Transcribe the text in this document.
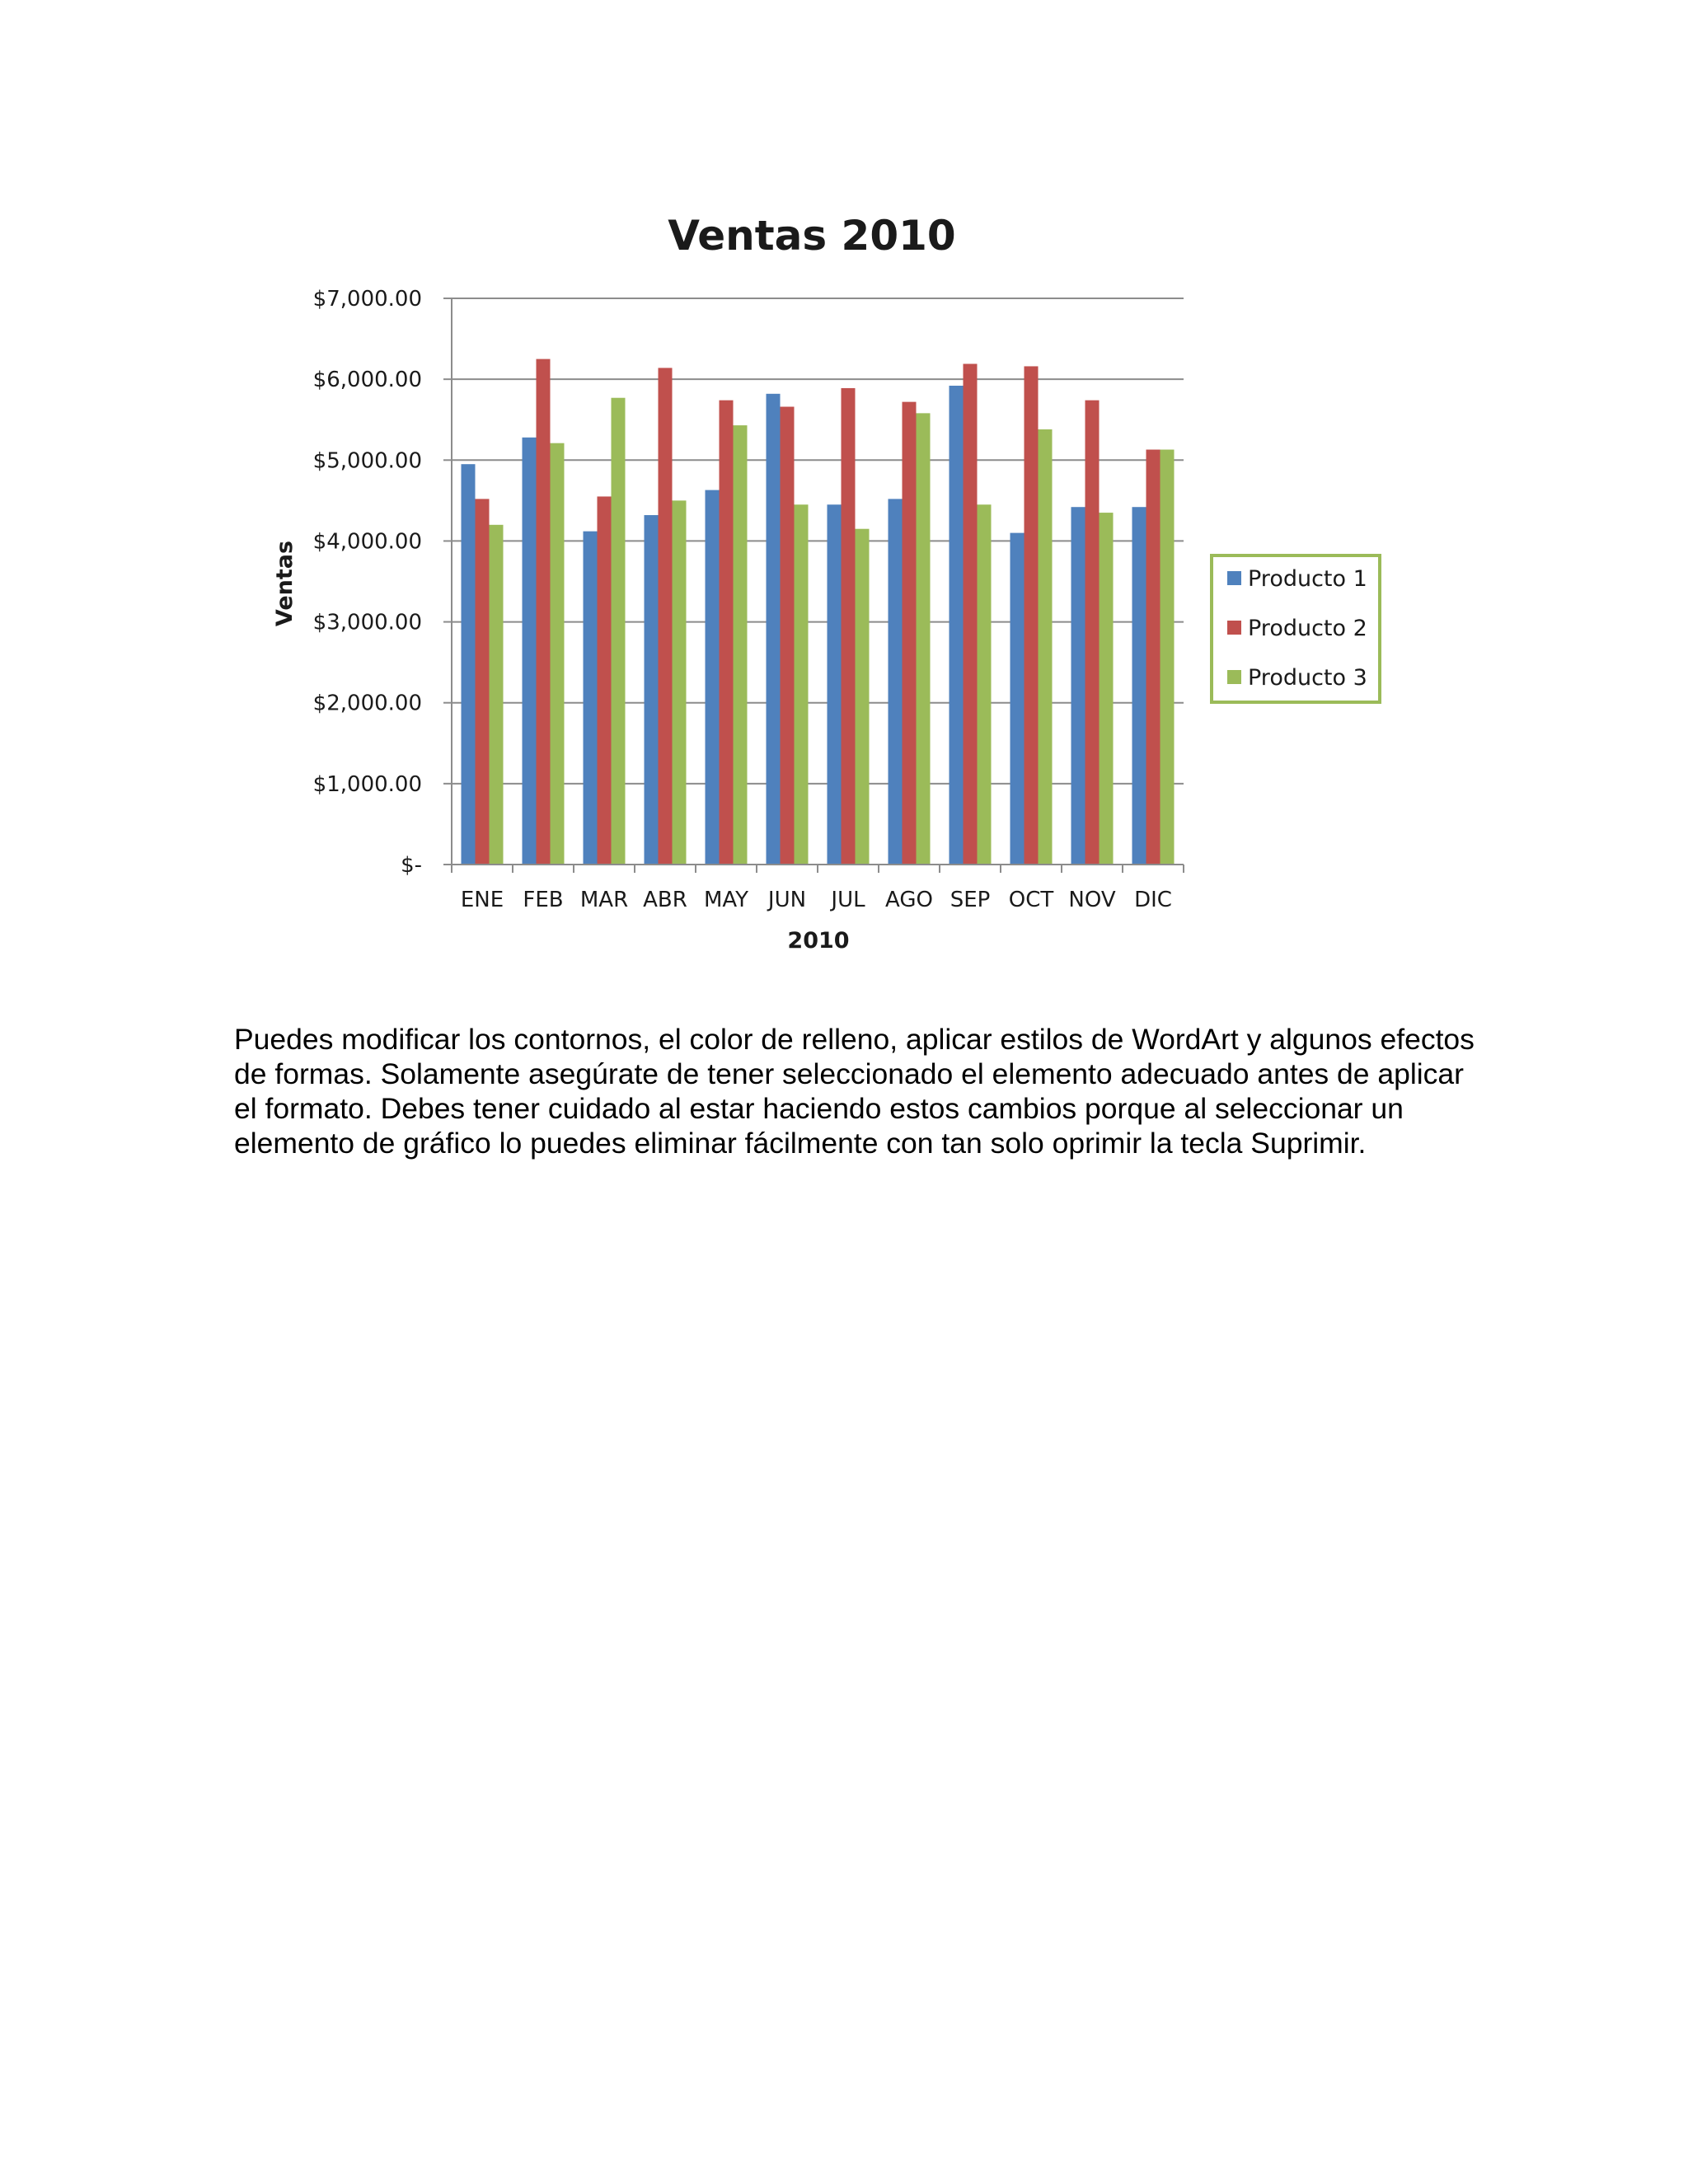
Ventas 2010
$-
$1,000.00
$2,000.00
$3,000.00
$4,000.00
$5,000.00
$6,000.00
$7,000.00
ENE FEB MAR ABR MAY JUN JUL AGO SEP OCT NOV DIC
2010
Ventas	Producto 1
Producto 2
Producto 3

Puedes modificar los contornos, el color de relleno, aplicar estilos de WordArt y algunos efectos de formas. Solamente asegúrate de tener seleccionado el elemento adecuado antes de aplicar el formato. Debes tener cuidado al estar haciendo estos cambios porque al seleccionar un elemento de gráfico lo puedes eliminar fácilmente con tan solo oprimir la tecla Suprimir.
